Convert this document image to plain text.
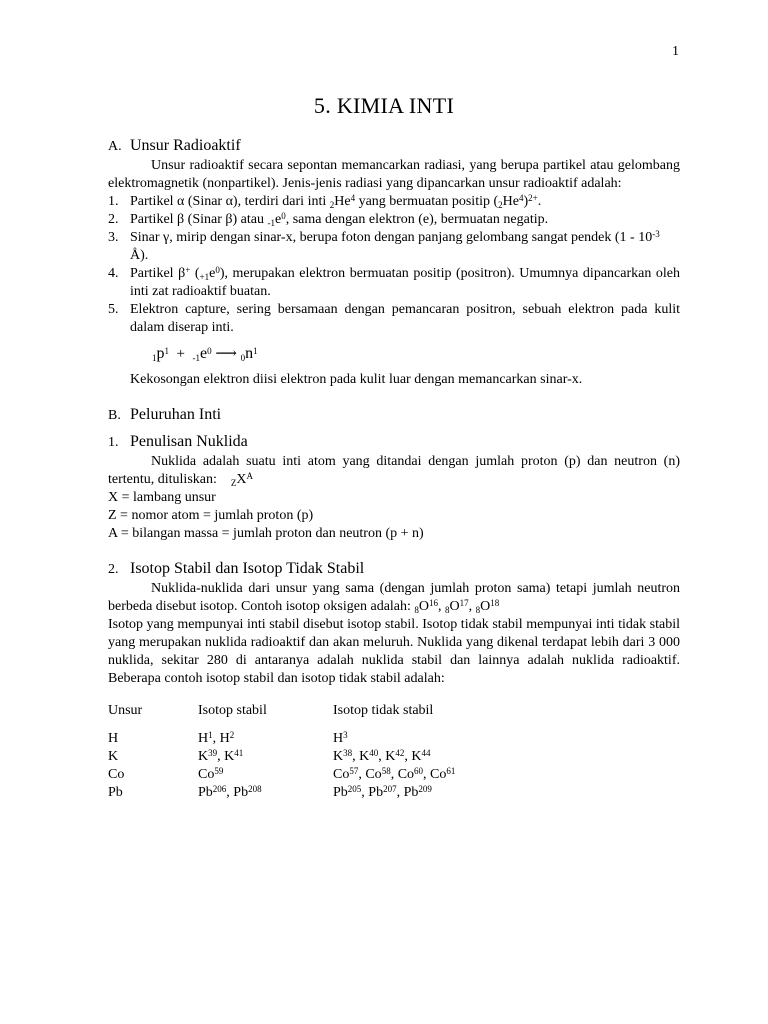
1
5. KIMIA INTI
A. Unsur Radioaktif

Unsur radioaktif secara sepontan memancarkan radiasi, yang berupa partikel atau gelombang elektromagnetik (nonpartikel). Jenis-jenis radiasi yang dipancarkan unsur radioaktif adalah:

1. Partikel α (Sinar α), terdiri dari inti $_2He^4$ yang bermuatan positip $(_2He^4)^{2+}$.
2. Partikel β (Sinar β) atau $_{-1}e^0$, sama dengan elektron (e), bermuatan negatip.
3. Sinar γ, mirip dengan sinar-x, berupa foton dengan panjang gelombang sangat pendek ($1 - 10^{-3}$ Å).
4. Partikel β+ $(_{+1}e^0)$, merupakan elektron bermuatan positip (positron). Umumnya dipancarkan oleh inti zat radioaktif buatan.
5. Elektron capture, sering bersamaan dengan pemancaran positron, sebuah elektron pada kulit dalam diserap inti.
$_1p^1 + _{-1}e^0$ ⟶ $_0n^1$

Kekosongan elektron diisi elektron pada kulit luar dengan memancarkan sinar-x.

B. Peluruhan Inti
1. Penulisan Nuklida

Nuklida adalah suatu inti atom yang ditandai dengan jumlah proton (p) dan neutron (n) tertentu, dituliskan: $_ZX^A$

X = lambang unsur
Z = nomor atom = jumlah proton (p)
A = bilangan massa = jumlah proton dan neutron (p + n)
2. Isotop Stabil dan Isotop Tidak Stabil

Nuklida-nuklida dari unsur yang sama (dengan jumlah proton sama) tetapi jumlah neutron berbeda disebut isotop. Contoh isotop oksigen adalah: $_8O^{16}$, $_8O^{17}$, $_8O^{18}$

Isotop yang mempunyai inti stabil disebut isotop stabil. Isotop tidak stabil mempunyai inti tidak stabil yang merupakan nuklida radioaktif dan akan meluruh. Nuklida yang dikenal terdapat lebih dari 3 000 nuklida, sekitar 280 di antaranya adalah nuklida stabil dan lainnya adalah nuklida radioaktif. Beberapa contoh isotop stabil dan isotop tidak stabil adalah:

Unsur	Isotop stabil	Isotop tidak stabil
H	$H^1$, $H^2$	$H^3$
K	$K^{39}$, $K^{41}$	$K^{38}$, $K^{40}$, $K^{42}$, $K^{44}$
Co	Co$^{59}$	Co$^{57}$, Co$^{58}$, Co$^{60}$, Co$^{61}$
Pb	Pb$^{206}$, Pb$^{208}$	Pb$^{205}$, Pb$^{207}$, Pb$^{209}$
